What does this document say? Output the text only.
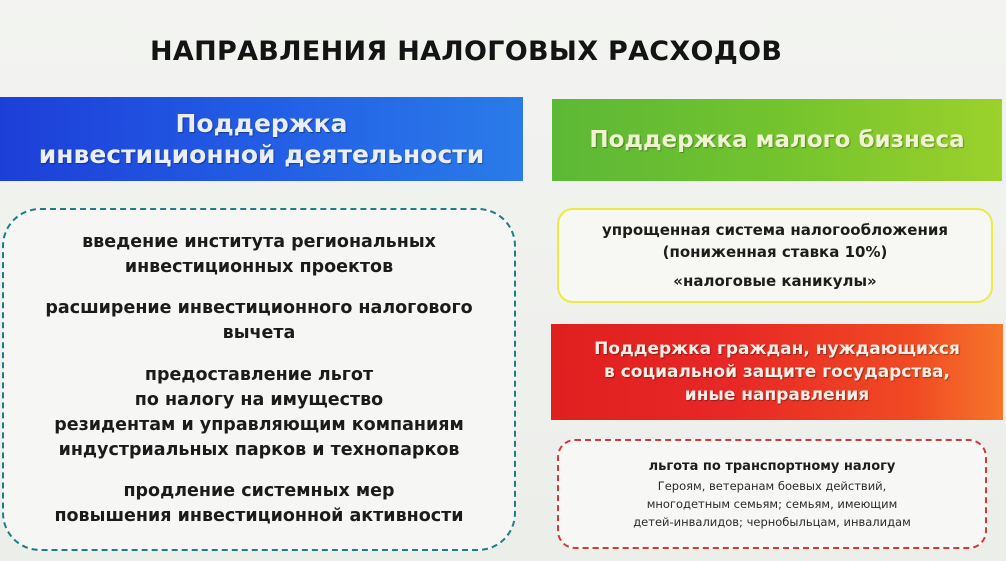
НАПРАВЛЕНИЯ НАЛОГОВЫХ РАСХОДОВ
Поддержка
инвестиционной деятельности
введение института региональных
инвестиционных проектов
расширение инвестиционного налогового
вычета
предоставление льгот
по налогу на имущество
резидентам и управляющим компаниям
индустриальных парков и технопарков
продление системных мер
повышения инвестиционной активности
Поддержка малого бизнеса
упрощенная система налогообложения
(пониженная ставка 10%)
«налоговые каникулы»
Поддержка граждан, нуждающихся
в социальной защите государства,
иные направления
льгота по транспортному налогу
Героям, ветеранам боевых действий,
многодетным семьям; семьям, имеющим
детей-инвалидов; чернобыльцам, инвалидам
